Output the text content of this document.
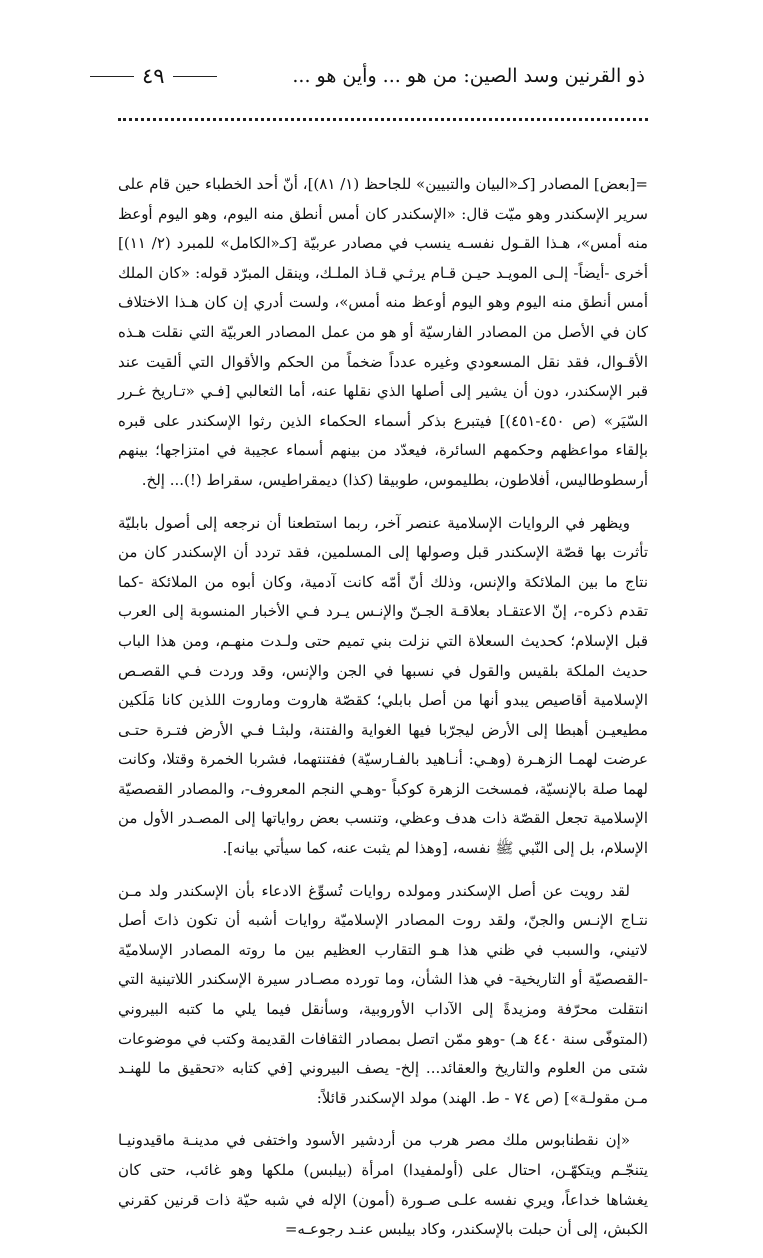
ذو القرنين وسد الصين: من هو ... وأين هو ...
٤٩

=[بعض] المصادر [كـ«البيان والتبيين» للجاحظ (١/ ٨١)]، أنّ أحد الخطباء حين قام على سرير الإسكندر وهو ميّت قال: «الإسكندر كان أمس أنطق منه اليوم، وهو اليوم أوعظ منه أمس»، هـذا القـول نفسـه ينسب في مصادر عربيّة [كـ«الكامل» للمبرد (٢/ ١١)] أخرى -أيضاً- إلـى المويـد حيـن قـام يرثـي قـاذ الملـك، وينقل المبرّد قوله: «كان الملك أمس أنطق منه اليوم وهو اليوم أوعظ منه أمس»، ولست أدري إن كان هـذا الاختلاف كان في الأصل من المصادر الفارسيّة أو هو من عمل المصادر العربيّة التي نقلت هـذه الأقـوال، فقد نقل المسعودي وغيره عدداً ضخماً من الحكم والأقوال التي ألقيت عند قبر الإسكندر، دون أن يشير إلى أصلها الذي نقلها عنه، أما الثعالبي [فـي «تـاريخ غـرر السّيَر» (ص ٤٥٠-٤٥١)] فيتبرع بذكر أسماء الحكماء الذين رثوا الإسكندر على قبره بإلقاء مواعظهم وحكمهم السائرة، فيعدّد من بينهم أسماء عجيبة في امتزاجها؛ بينهم أرسطوطاليس، أفلاطون، بطليموس، طوبيقا (كذا) ديمقراطيس، سقراط (!)... إلخ.

ويظهر في الروايات الإسلامية عنصر آخر، ربما استطعنا أن نرجعه إلى أصول بابليّة تأثرت بها قصّة الإسكندر قبل وصولها إلى المسلمين، فقد تردد أن الإسكندر كان من نتاج ما بين الملائكة والإنس، وذلك أنّ أمّه كانت آدمية، وكان أبوه من الملائكة -كما تقدم ذكره-، إنّ الاعتقـاد بعلاقـة الجـنّ والإنـس يـرد فـي الأخبار المنسوبة إلى العرب قبل الإسلام؛ كحديث السعلاة التي نزلت بني تميم حتى ولـدت منهـم، ومن هذا الباب حديث الملكة بلقيس والقول في نسبها في الجن والإنس، وقد وردت فـي القصـص الإسلامية أقاصيص يبدو أنها من أصل بابلي؛ كقصّة هاروت وماروت اللذين كانا مَلَكين مطيعيـن أهبطا إلى الأرض ليجرّبا فيها الغواية والفتنة، ولبثـا فـي الأرض فتـرة حتـى عرضت لهمـا الزهـرة (وهـي: أنـاهيد بالفـارسيّة) ففتنتهما، فشربا الخمرة وقتلا، وكانت لهما صلة بالإنسيّة، فمسخت الزهرة كوكباً -وهـي النجم المعروف-، والمصادر القصصيّة الإسلامية تجعل القصّة ذات هدف وعظي، وتنسب بعض رواياتها إلى المصـدر الأول من الإسلام، بل إلى النّبي ﷺ نفسه، [وهذا لم يثبت عنه، كما سيأتي بيانه].

لقد رويت عن أصل الإسكندر ومولده روايات تُسوِّغ الادعاء بأن الإسكندر ولد مـن نتـاج الإنـس والجنّ، ولقد روت المصادر الإسلاميّة روايات أشبه أن تكون ذاتَ أصل لاتيني، والسبب في ظني هذا هـو التقارب العظيم بين ما روته المصادر الإسلاميّة -القصصيّة أو التاريخية- في هذا الشأن، وما تورده مصـادر سيرة الإسكندر اللاتينية التي انتقلت محرّفة ومزيدةً إلى الآداب الأوروبية، وسأنقل فيما يلي ما كتبه البيروني (المتوفّى سنة ٤٤٠ هـ) -وهو ممّن اتصل بمصادر الثقافات القديمة وكتب في موضوعات شتى من العلوم والتاريخ والعقائد... إلخ- يصف البيروني [في كتابه «تحقيق ما للهنـد مـن مقولـة»] (ص ٧٤ - ط. الهند) مولد الإسكندر قائلاً:

«إن نقطنابوس ملك مصر هرب من أردشير الأسود واختفى في مدينـة ماقيدونيـا يتنجّـم ويتكهّـن، احتال على (أولمفيدا) امرأة (بيلبس) ملكها وهو غائب، حتى كان يغشاها خداعاً، ويري نفسه علـى صـورة (أمون) الإله في شبه حيّة ذات قرنين كقرني الكبش، إلى أن حبلت بالإسكندر، وكاد بيلبس عنـد رجوعـه=
